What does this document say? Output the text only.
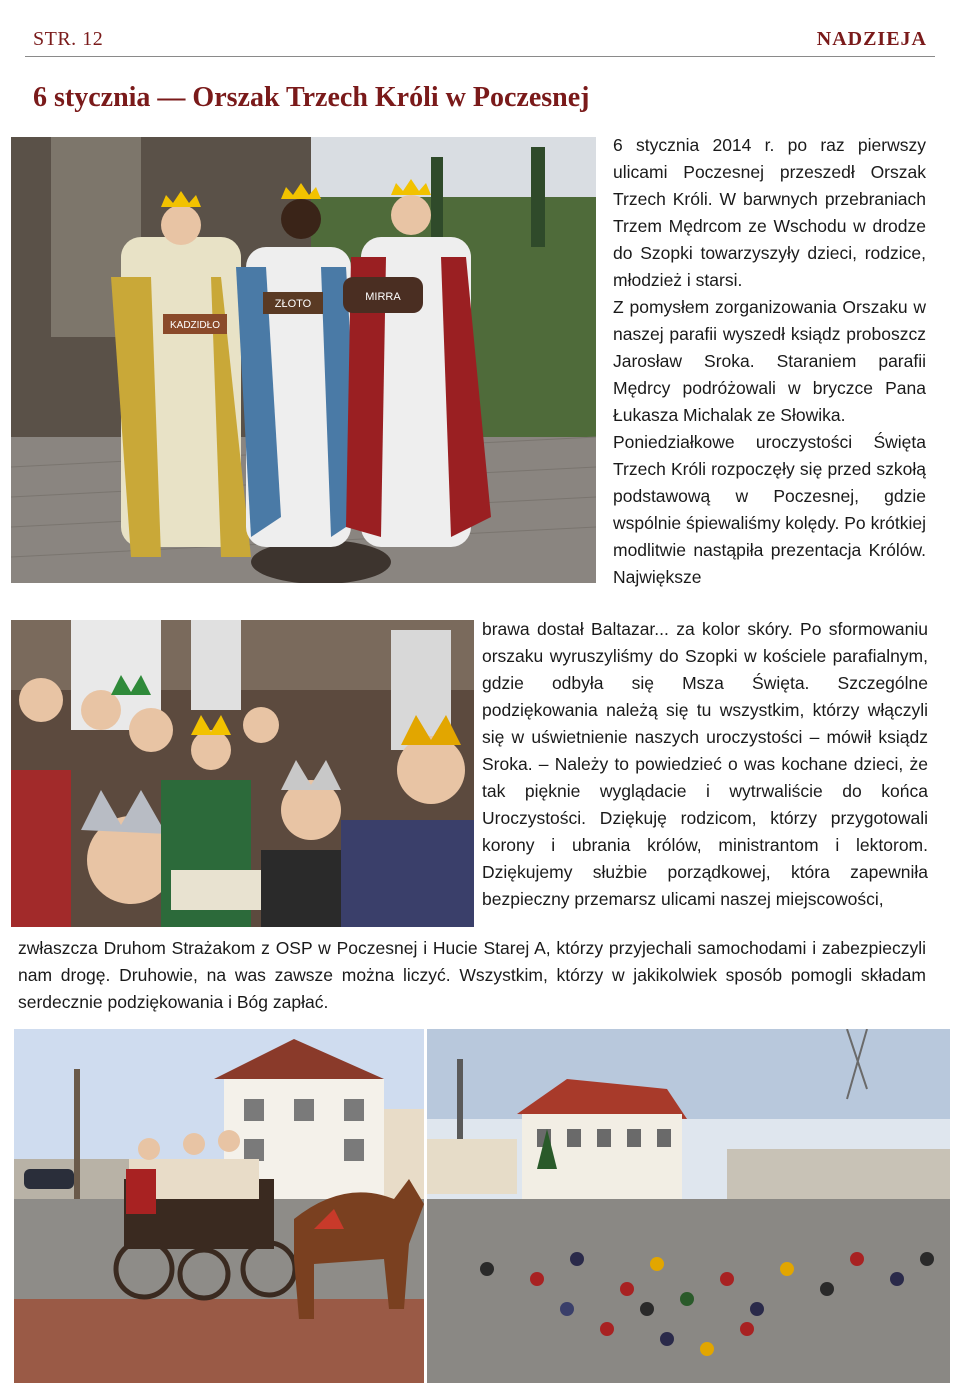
STR. 12	NADZIEJA
6 stycznia — Orszak Trzech Króli w Poczesnej
KADZIDŁO
ZŁOTO
MIRRA

6 stycznia 2014 r. po raz pierwszy ulicami Poczesnej przeszedł Orszak Trzech Króli. W barwnych przebraniach Trzem Mędrcom ze Wschodu w drodze do Szopki towarzyszyły dzieci, rodzice, młodzież i starsi.

Z pomysłem zorganizowania Orszaku w naszej parafii wyszedł ksiądz proboszcz Jarosław Sroka. Staraniem parafii Mędrcy podróżowali w bryczce Pana Łukasza Michalak ze Słowika.

Poniedziałkowe uroczystości Święta Trzech Króli rozpoczęły się przed szkołą podstawową w Poczesnej, gdzie wspólnie śpiewaliśmy kolędy. Po krótkiej modlitwie nastąpiła prezentacja Królów. Największe

brawa dostał Baltazar... za kolor skóry. Po sformowaniu orszaku wyruszyliśmy do Szopki w kościele parafialnym, gdzie odbyła się Msza Święta. Szczególne podziękowania należą się tu wszystkim, którzy włączyli się w uświetnienie naszych uroczystości – mówił ksiądz Sroka. – Należy to powiedzieć o was kochane dzieci, że tak pięknie wyglądacie i wytrwaliście do końca Uroczystości. Dziękuję rodzicom, którzy przygotowali korony i ubrania królów, ministrantom i lektorom. Dziękujemy służbie porządkowej, która zapewniła bezpieczny przemarsz ulicami naszej miejscowości,

zwłaszcza Druhom Strażakom z OSP w Poczesnej i Hucie Starej A, którzy przyjechali samochodami i zabezpieczyli nam drogę. Druhowie, na was zawsze można liczyć. Wszystkim, którzy w jakikolwiek sposób pomogli składam serdecznie podziękowania i Bóg zapłać.
